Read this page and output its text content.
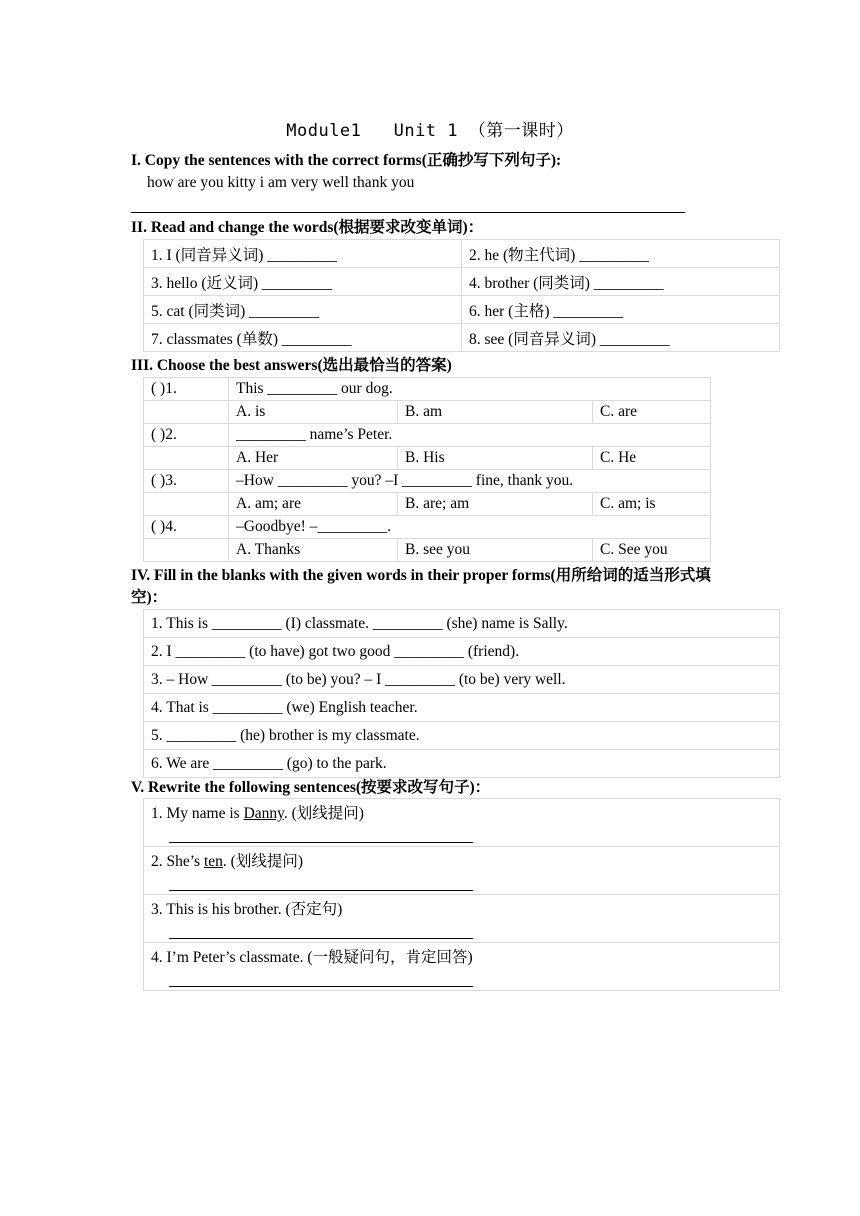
Module1   Unit 1 （第一课时）
I. Copy the sentences with the correct forms(正确抄写下列句子):
how are you kitty i am very well thank you
II. Read and change the words(根据要求改变单词)：
1. I (同音异义词) _________	2. he (物主代词) _________
3. hello (近义词) _________	4. brother (同类词) _________
5. cat (同类词) _________	6. her (主格) _________
7. classmates (单数) _________	8. see (同音异义词) _________
III. Choose the best answers(选出最恰当的答案)
( )1.	This _________ our dog.		
	A. is	B. am	C. are
( )2.	_________ name’s Peter.		
	A. Her	B. His	C. He
( )3.	–How _________ you? –I _________ fine, thank you.		
	A. am; are	B. are; am	C. am; is
( )4.	–Goodbye! –_________.		
	A. Thanks	B. see you	C. See you
IV. Fill in the blanks with the given words in their proper forms(用所给词的适当形式填空)：
1. This is _________ (I) classmate. _________ (she) name is Sally.
2. I _________ (to have) got two good _________ (friend).
3. – How _________ (to be) you? – I _________ (to be) very well.
4. That is _________ (we) English teacher.
5. _________ (he) brother is my classmate.
6. We are _________ (go) to the park.
V. Rewrite the following sentences(按要求改写句子)：
1. My name is Danny. (划线提问)

2. She’s ten. (划线提问)

3. This is his brother. (否定句)

4. I’m Peter’s classmate. (一般疑问句，肯定回答)
